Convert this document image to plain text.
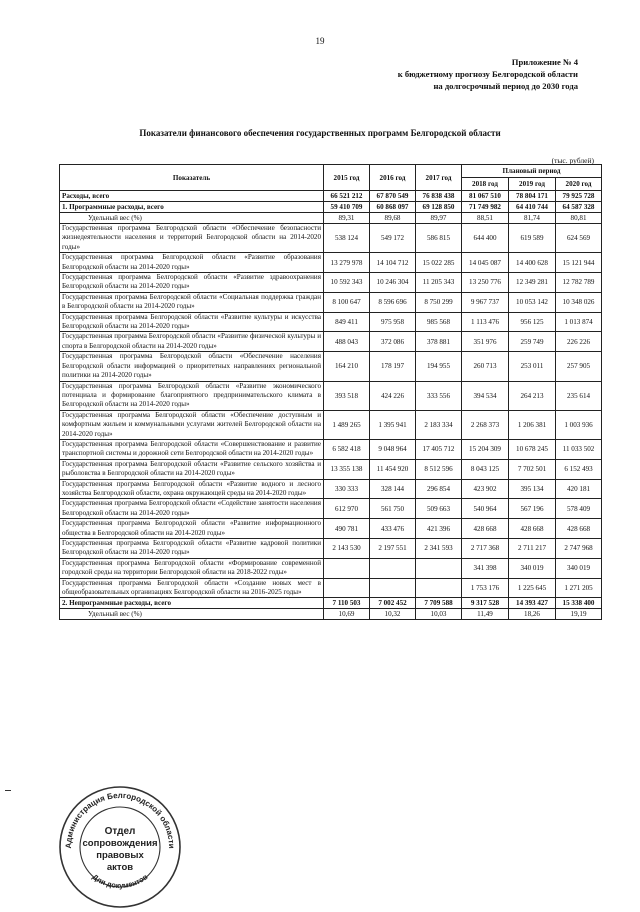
19
Приложение № 4
к бюджетному прогнозу Белгородской области
на долгосрочный период до 2030 года
Показатели финансового обеспечения государственных программ Белгородской области
(тыс. рублей)
Показатель	2015 год	2016 год	2017 год	Плановый период		
				2018 год	2019 год	2020 год
Расходы, всего	66 521 212	67 870 549	76 838 438	81 067 510	78 804 171	79 925 728
1. Программные расходы, всего	59 410 709	60 868 097	69 128 850	71 749 982	64 410 744	64 587 328
Удельный вес (%)	89,31	89,68	89,97	88,51	81,74	80,81
Государственная программа Белгородской области «Обеспечение безопасности жизнедеятельности населения и территорий Белгородской области на 2014-2020 годы»	538 124	549 172	586 815	644 400	619 589	624 569
Государственная программа Белгородской области «Развитие образования Белгородской области на 2014-2020 годы»	13 279 978	14 104 712	15 022 285	14 045 087	14 400 628	15 121 944
Государственная программа Белгородской области «Развитие здравоохранения Белгородской области на 2014-2020 годы»	10 592 343	10 246 304	11 205 343	13 250 776	12 349 281	12 782 789
Государственная программа Белгородской области «Социальная поддержка граждан в Белгородской области на 2014-2020 годы»	8 100 647	8 596 696	8 750 299	9 967 737	10 053 142	10 348 026
Государственная программа Белгородской области «Развитие культуры и искусства Белгородской области на 2014-2020 годы»	849 411	975 958	985 568	1 113 476	956 125	1 013 874
Государственная программа Белгородской области «Развитие физической культуры и спорта в Белгородской области на 2014-2020 годы»	488 043	372 086	378 881	351 976	259 749	226 226
Государственная программа Белгородской области «Обеспечение населения Белгородской области информацией о приоритетных направлениях региональной политики на 2014-2020 годы»	164 210	178 197	194 955	260 713	253 011	257 905
Государственная программа Белгородской области «Развитие экономического потенциала и формирование благоприятного предпринимательского климата в Белгородской области на 2014-2020 годы»	393 518	424 226	333 556	394 534	264 213	235 614
Государственная программа Белгородской области «Обеспечение доступным и комфортным жильем и коммунальными услугами жителей Белгородской области на 2014-2020 годы»	1 489 265	1 395 941	2 183 334	2 268 373	1 206 381	1 003 936
Государственная программа Белгородской области «Совершенствование и развитие транспортной системы и дорожной сети Белгородской области на 2014-2020 годы»	6 582 418	9 048 964	17 405 712	15 204 309	10 678 245	11 033 502
Государственная программа Белгородской области «Развитие сельского хозяйства и рыболовства в Белгородской области на 2014-2020 годы»	13 355 138	11 454 920	8 512 596	8 043 125	7 702 501	6 152 493
Государственная программа Белгородской области «Развитие водного и лесного хозяйства Белгородской области, охрана окружающей среды на 2014-2020 годы»	330 333	328 144	296 854	423 902	395 134	420 181
Государственная программа Белгородской области «Содействие занятости населения Белгородской области на 2014-2020 годы»	612 970	561 750	509 663	540 964	567 196	578 409
Государственная программа Белгородской области «Развитие информационного общества в Белгородской области на 2014-2020 годы»	490 781	433 476	421 396	428 668	428 668	428 668
Государственная программа Белгородской области «Развитие кадровой политики Белгородской области на 2014-2020 годы»	2 143 530	2 197 551	2 341 593	2 717 368	2 711 217	2 747 968
Государственная программа Белгородской области «Формирование современной городской среды на территории Белгородской области на 2018-2022 годы»				341 398	340 019	340 019
Государственная программа Белгородской области «Создание новых мест в общеобразовательных организациях Белгородской области на 2016-2025 годы»				1 753 176	1 225 645	1 271 205
2. Непрограммные расходы, всего	7 110 503	7 002 452	7 709 588	9 317 528	14 393 427	15 338 400
Удельный вес (%)	10,69	10,32	10,03	11,49	18,26	19,19
Администрация Белгородской области
Для документов
Отдел
сопровождения
правовых
актов
